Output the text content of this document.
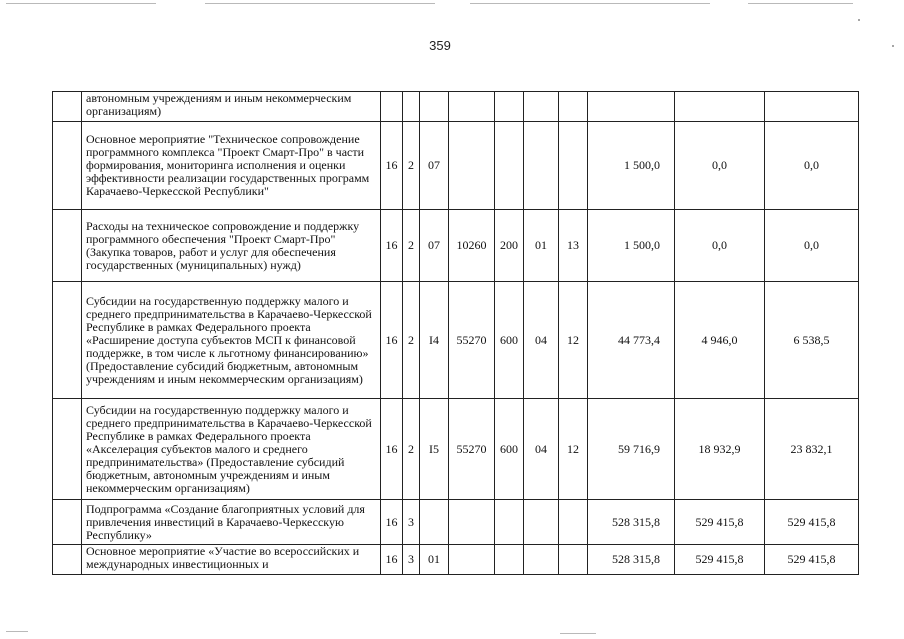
359
	автономным учреждениям и иным некоммерческим организациям)										
	Основное мероприятие "Техническое сопровождение программного комплекса "Проект Смарт-Про" в части формирования, мониторинга исполнения и оценки эффективности реализации государственных программ Карачаево-Черкесской Республики"	16	2	07					1 500,0	0,0	0,0
	Расходы на техническое сопровождение и поддержку программного обеспечения "Проект Смарт-Про" (Закупка товаров, работ и услуг для обеспечения государственных (муниципальных) нужд)	16	2	07	10260	200	01	13	1 500,0	0,0	0,0
	Субсидии на государственную поддержку малого и среднего предпринимательства в Карачаево-Черкесской Республике в рамках Федерального проекта «Расширение доступа субъектов МСП к финансовой поддержке, в том числе к льготному финансированию» (Предоставление субсидий бюджетным, автономным учреждениям и иным некоммерческим организациям)	16	2	I4	55270	600	04	12	44 773,4	4 946,0	6 538,5
	Субсидии на государственную поддержку малого и среднего предпринимательства в Карачаево-Черкесской Республике в рамках Федерального проекта «Акселерация субъектов малого и среднего предпринимательства» (Предоставление субсидий бюджетным, автономным учреждениям и иным некоммерческим организациям)	16	2	I5	55270	600	04	12	59 716,9	18 932,9	23 832,1
	Подпрограмма «Создание благоприятных условий для привлечения инвестиций в Карачаево-Черкесскую Республику»	16	3						528 315,8	529 415,8	529 415,8
	Основное мероприятие «Участие во всероссийских и международных инвестиционных и	16	3	01					528 315,8	529 415,8	529 415,8
